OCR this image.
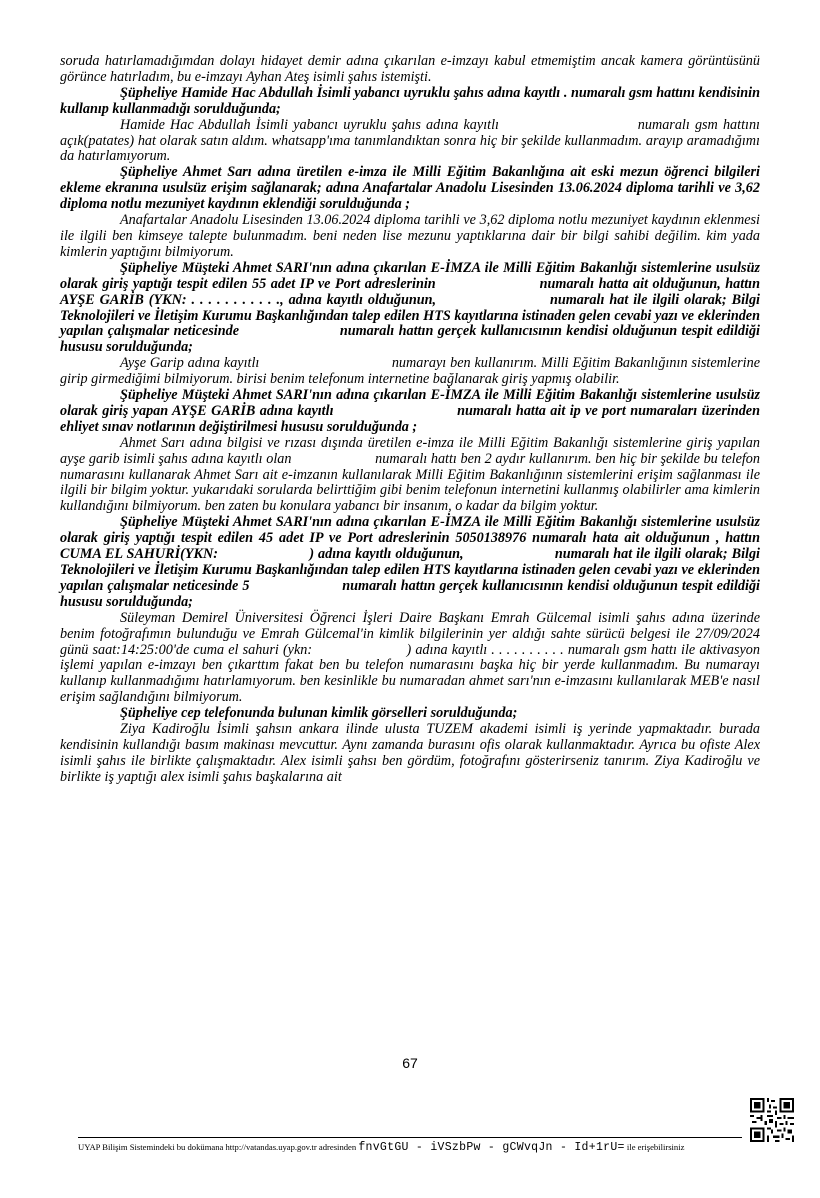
soruda hatırlamadığımdan dolayı hidayet demir adına çıkarılan e-imzayı kabul etmemiştim ancak kamera görüntüsünü görünce hatırladım, bu e-imzayı Ayhan Ateş isimli şahıs istemişti.

Şüpheliye Hamide Hac Abdullah İsimli yabancı uyruklu şahıs adına kayıtlı . numaralı gsm hattını kendisinin kullanıp kullanmadığı sorulduğunda;

Hamide Hac Abdullah İsimli yabancı uyruklu şahıs adına kayıtlı                           numaralı gsm hattını açık(patates) hat olarak satın aldım. whatsapp'ıma tanımlandıktan sonra hiç bir şekilde kullanmadım. arayıp aramadığımı da hatırlamıyorum.

Şüpheliye Ahmet Sarı adına üretilen e-imza ile Milli Eğitim Bakanlığına ait eski mezun öğrenci bilgileri ekleme ekranına usulsüz erişim sağlanarak; adına Anafartalar Anadolu Lisesinden 13.06.2024 diploma tarihli ve 3,62 diploma notlu mezuniyet kaydının eklendiği sorulduğunda ;

Anafartalar Anadolu Lisesinden 13.06.2024 diploma tarihli ve 3,62 diploma notlu mezuniyet kaydının eklenmesi ile ilgili ben kimseye talepte bulunmadım. beni neden lise mezunu yaptıklarına dair bir bilgi sahibi değilim. kim yada kimlerin yaptığını bilmiyorum.

Şüpheliye Müşteki Ahmet SARI'nın adına çıkarılan E-İMZA ile Milli Eğitim Bakanlığı sistemlerine usulsüz olarak giriş yaptığı tespit edilen 55 adet IP ve Port adreslerinin                       numaralı hatta ait olduğunun, hattın AYŞE GARİB (YKN: . . . . . . . . . . ., adına kayıtlı olduğunun,                       numaralı hat ile ilgili olarak; Bilgi Teknolojileri ve İletişim Kurumu Başkanlığından talep edilen HTS kayıtlarına istinaden gelen cevabi yazı ve eklerinden yapılan çalışmalar neticesinde                       numaralı hattın gerçek kullanıcısının kendisi olduğunun tespit edildiği hususu sorulduğunda;

Ayşe Garip adına kayıtlı                                  numarayı ben kullanırım. Milli Eğitim Bakanlığının sistemlerine girip girmediğimi bilmiyorum. birisi benim telefonum internetine bağlanarak giriş yapmış olabilir.

Şüpheliye Müşteki Ahmet SARI'nın adına çıkarılan E-İMZA ile Milli Eğitim Bakanlığı sistemlerine usulsüz olarak giriş yapan AYŞE GARİB adına kayıtlı                            numaralı hatta ait ip ve port numaraları üzerinden ehliyet sınav notlarının değiştirilmesi hususu sorulduğunda ;

Ahmet Sarı adına bilgisi ve rızası dışında üretilen e-imza ile Milli Eğitim Bakanlığı sistemlerine giriş yapılan ayşe garib isimli şahıs adına kayıtlı olan                       numaralı hattı ben 2 aydır kullanırım. ben hiç bir şekilde bu telefon numarasını kullanarak Ahmet Sarı ait e-imzanın kullanılarak Milli Eğitim Bakanlığının sistemlerini erişim sağlanması ile ilgili bir bilgim yoktur. yukarıdaki sorularda belirttiğim gibi benim telefonun internetini kullanmış olabilirler ama kimlerin kullandığını bilmiyorum. ben zaten bu konulara yabancı bir insanım, o kadar da bilgim yoktur.

Şüpheliye Müşteki Ahmet SARI'nın adına çıkarılan E-İMZA ile Milli Eğitim Bakanlığı sistemlerine usulsüz olarak giriş yaptığı tespit edilen 45 adet IP ve Port adreslerinin 5050138976 numaralı hata ait olduğunun , hattın CUMA EL SAHURİ(YKN:                       ) adına kayıtlı olduğunun,                       numaralı hat ile ilgili olarak; Bilgi Teknolojileri ve İletişim Kurumu Başkanlığından talep edilen HTS kayıtlarına istinaden gelen cevabi yazı ve eklerinden yapılan çalışmalar neticesinde 5                       numaralı hattın gerçek kullanıcısının kendisi olduğunun tespit edildiği hususu sorulduğunda;

Süleyman Demirel Üniversitesi Öğrenci İşleri Daire Başkanı Emrah Gülcemal isimli şahıs adına üzerinde benim fotoğrafımın bulunduğu ve Emrah Gülcemal'in kimlik bilgilerinin yer aldığı sahte sürücü belgesi ile 27/09/2024 günü saat:14:25:00'de cuma el sahuri (ykn:                       ) adına kayıtlı . . . . . . . . . . numaralı gsm hattı ile aktivasyon işlemi yapılan e-imzayı ben çıkarttım fakat ben bu telefon numarasını başka hiç bir yerde kullanmadım. Bu numarayı kullanıp kullanmadığımı hatırlamıyorum. ben kesinlikle bu numaradan ahmet sarı'nın e-imzasını kullanılarak MEB'e nasıl erişim sağlandığını bilmiyorum.

Şüpheliye cep telefonunda bulunan kimlik görselleri sorulduğunda;

Ziya Kadiroğlu İsimli şahsın ankara ilinde ulusta TUZEM akademi isimli iş yerinde yapmaktadır. burada kendisinin kullandığı basım makinası mevcuttur. Aynı zamanda burasını ofis olarak kullanmaktadır. Ayrıca bu ofiste Alex isimli şahıs ile birlikte çalışmaktadır. Alex isimli şahsı ben gördüm, fotoğrafını gösterirseniz tanırım. Ziya Kadiroğlu ve birlikte iş yaptığı alex isimli şahıs başkalarına ait

67
UYAP Bilişim Sistemindeki bu dokümana http://vatandas.uyap.gov.tr adresinden fnvGtGU - iVSzbPw - gCWvqJn - Id+1rU= ile erişebilirsiniz
